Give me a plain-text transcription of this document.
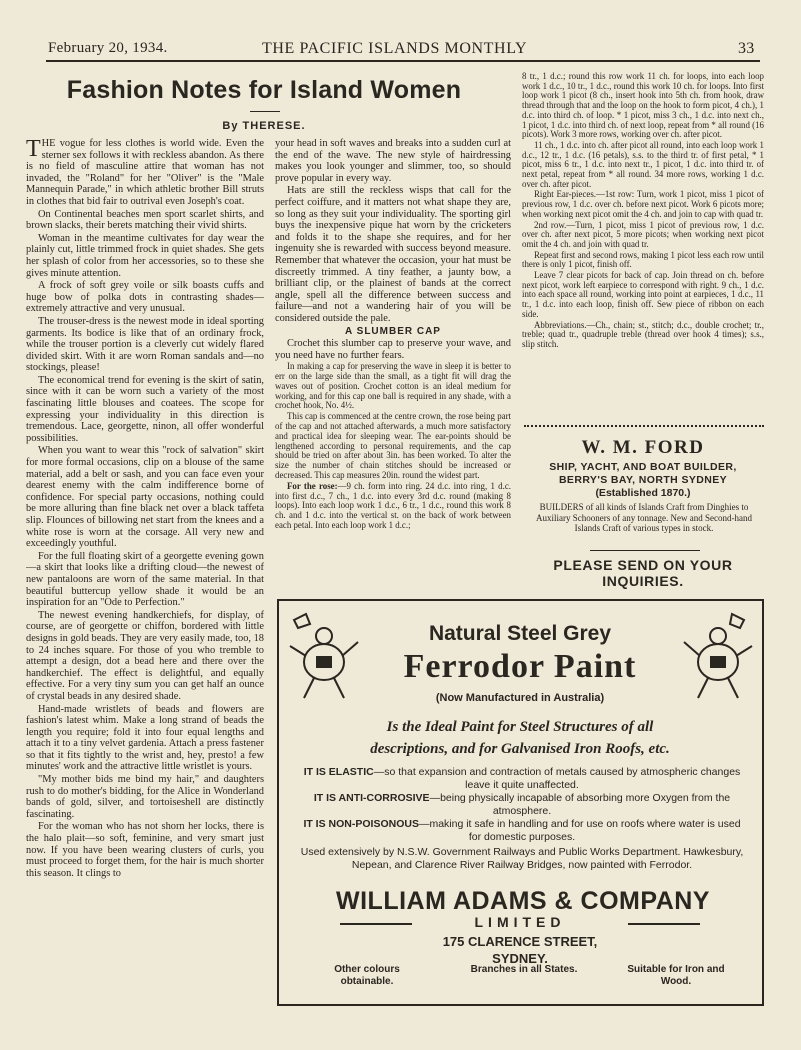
February 20, 1934.	THE PACIFIC ISLANDS MONTHLY	33
Fashion Notes for Island Women
By THERESE.

THE vogue for less clothes is world wide. Even the sterner sex follows it with reckless abandon. As there is no field of masculine attire that woman has not invaded, the "Roland" for her "Oliver" is the "Male Mannequin Parade," in which athletic brother Bill struts in clothes that bid fair to outrival even Joseph's coat.

On Continental beaches men sport scarlet shirts, and brown slacks, their berets matching their vivid shirts.

Woman in the meantime cultivates for day wear the plainly cut, little trimmed frock in quiet shades. She gets her splash of color from her accessories, so to these she gives minute attention.

A frock of soft grey voile or silk boasts cuffs and huge bow of polka dots in contrasting shades—extremely attractive and very unusual.

The trouser-dress is the newest mode in ideal sporting garments. Its bodice is like that of an ordinary frock, while the trouser portion is a cleverly cut widely flared divided skirt. With it are worn Roman sandals and—no stockings, please!

The economical trend for evening is the skirt of satin, since with it can be worn such a variety of the most fascinating little blouses and coatees. The scope for expressing your individuality in this direction is tremendous. Lace, georgette, ninon, all offer wonderful possibilities.

When you want to wear this "rock of salvation" skirt for more formal occasions, clip on a blouse of the same material, add a belt or sash, and you can face even your dearest enemy with the calm indifference borne of confidence. For special party occasions, nothing could be more alluring than fine black net over a black taffeta slip. Flounces of billowing net start from the knees and a white rose is worn at the corsage. All very new and exceedingly youthful.

For the full floating skirt of a georgette evening gown—a skirt that looks like a drifting cloud—the newest of new pantaloons are worn of the same material. In that beautiful buttercup yellow shade it would be an inspiration for an "Ode to Perfection."

The newest evening handkerchiefs, for display, of course, are of georgette or chiffon, bordered with little designs in gold beads. They are very easily made, too, 18 to 24 inches square. For those of you who tremble to attempt a design, dot a bead here and there over the handkerchief. The effect is delightful, and equally effective. For a very tiny sum you can get half an ounce of crystal beads in any desired shade.

Hand-made wristlets of beads and flowers are fashion's latest whim. Make a long strand of beads the length you require; fold it into four equal lengths and attach it to a tiny velvet gardenia. Attach a press fastener so that it fits tightly to the wrist and, hey, presto! a few minutes' work and the attractive little wristlet is yours.

"My mother bids me bind my hair," and daughters rush to do mother's bidding, for the Alice in Wonderland bands of gold, silver, and tortoiseshell are distinctly fascinating.

For the woman who has not shorn her locks, there is the halo plait—so soft, feminine, and very smart just now. If you have been wearing clusters of curls, you must proceed to forget them, for the hair is much shorter this season. It clings to

your head in soft waves and breaks into a sudden curl at the end of the wave. The new style of hairdressing makes you look younger and slimmer, too, so should prove popular in every way.

Hats are still the reckless wisps that call for the perfect coiffure, and it matters not what shape they are, so long as they suit your individuality. The sporting girl buys the inexpensive pique hat worn by the cricketers and folds it to the shape she requires, and for her ingenuity she is rewarded with success beyond measure. Remember that whatever the occasion, your hat must be discreetly trimmed. A tiny feather, a jaunty bow, a brilliant clip, or the plainest of bands at the correct angle, spell all the difference between success and failure—and not a wandering hair of you will be considered outside the pale.

A SLUMBER CAP

Crochet this slumber cap to preserve your wave, and you need have no further fears.

In making a cap for preserving the wave in sleep it is better to err on the large side than the small, as a tight fit will drag the waves out of position. Crochet cotton is an ideal medium for working, and for this cap one ball is required in any shade, with a crochet hook, No. 4½.

This cap is commenced at the centre crown, the rose being part of the cap and not attached afterwards, a much more satisfactory and practical idea for sleeping wear. The ear-points should be lengthened according to personal requirements, and the cap should be tried on after about 3in. has been worked. To alter the size the number of chain stitches should be increased or decreased. This cap measures 20in. round the widest part.

For the rose:—9 ch. form into ring. 24 d.c. into ring, 1 d.c. into first d.c., 7 ch., 1 d.c. into every 3rd d.c. round (making 8 loops). Into each loop work 1 d.c., 6 tr., 1 d.c., round this work 8 ch. and 1 d.c. into the vertical st. on the back of work between each petal. Into each loop work 1 d.c.;

8 tr., 1 d.c.; round this row work 11 ch. for loops, into each loop work 1 d.c., 10 tr., 1 d.c., round this work 10 ch. for loops. Into first loop work 1 picot (8 ch., insert hook into 5th ch. from hook, draw thread through that and the loop on the hook to form picot, 4 ch.), 1 d.c. into third ch. of loop. * 1 picot, miss 3 ch., 1 d.c. into next ch., 1 picot, 1 d.c. into third ch. of next loop, repeat from * all round (16 picots). Work 3 more rows, working over ch. after picot.

11 ch., 1 d.c. into ch. after picot all round, into each loop work 1 d.c., 12 tr., 1 d.c. (16 petals), s.s. to the third tr. of first petal, * 1 picot, miss 6 tr., 1 d.c. into next tr., 1 picot, 1 d.c. into third tr. of next petal, repeat from * all round. 34 more rows, working 1 d.c. over ch. after picot.

Right Ear-pieces.—1st row: Turn, work 1 picot, miss 1 picot of previous row, 1 d.c. over ch. before next picot. Work 6 picots more; when working next picot omit the 4 ch. and join to cap with quad tr.

2nd row.—Turn, 1 picot, miss 1 picot of previous row, 1 d.c. over ch. after next picot, 5 more picots; when working next picot omit the 4 ch. and join with quad tr.

Repeat first and second rows, making 1 picot less each row until there is only 1 picot, finish off.

Leave 7 clear picots for back of cap. Join thread on ch. before next picot, work left earpiece to correspond with right. 9 ch., 1 d.c. into each space all round, working into point at earpieces, 1 d.c., 11 tr., 1 d.c. into each loop, finish off. Sew piece of ribbon on each side.

Abbreviations.—Ch., chain; st., stitch; d.c., double crochet; tr., treble; quad tr., quadruple treble (thread over hook 4 times); s.s., slip stitch.

W. M. FORD
SHIP, YACHT, AND BOAT BUILDER,
BERRY'S BAY, NORTH SYDNEY
(Established 1870.)
BUILDERS of all kinds of Islands Craft from Dinghies to Auxiliary Schooners of any tonnage. New and Second-hand Islands Craft of various types in stock.
PLEASE SEND ON YOUR
INQUIRIES.
Natural Steel Grey
Ferrodor Paint
(Now Manufactured in Australia)
Is the Ideal Paint for Steel Structures of all
descriptions, and for Galvanised Iron Roofs, etc.
IT IS ELASTIC—so that expansion and contraction of metals caused by atmospheric changes leave it quite unaffected.
IT IS ANTI-CORROSIVE—being physically incapable of absorbing more Oxygen from the atmosphere.
IT IS NON-POISONOUS—making it safe in handling and for use on roofs where water is used for domestic purposes.
Used extensively by N.S.W. Government Railways and Public Works Department. Hawkesbury, Nepean, and Clarence River Railway Bridges, now painted with Ferrodor.
WILLIAM ADAMS & COMPANY
LIMITED
175 CLARENCE STREET,
SYDNEY.
Other colours obtainable.
Branches in all States.	Suitable for Iron and Wood.
